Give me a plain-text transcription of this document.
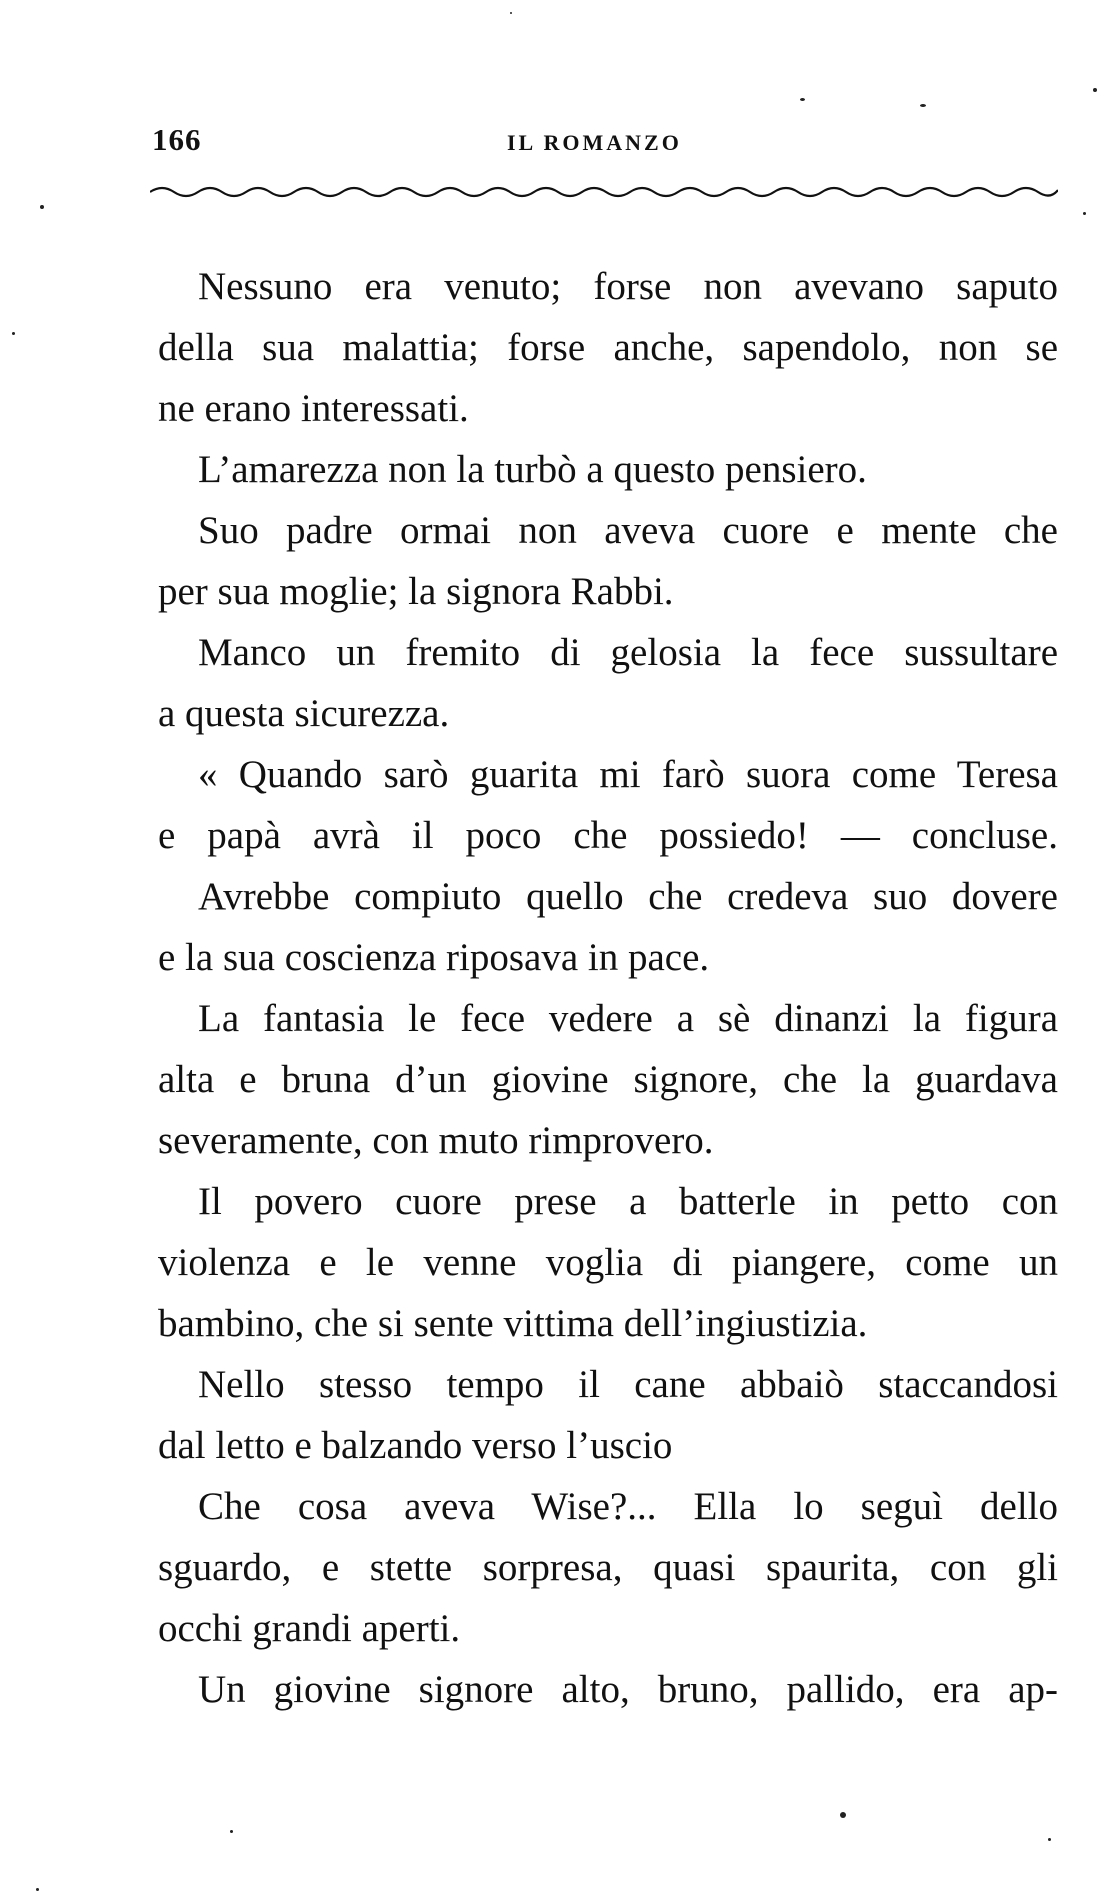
166	IL ROMANZO
Nessuno era venuto; forse non avevano saputo
della sua malattia; forse anche, sapendolo, non se
ne erano interessati.
L’amarezza non la turbò a questo pensiero.
Suo padre ormai non aveva cuore e mente che
per sua moglie; la signora Rabbi.
Manco un fremito di gelosia la fece sussultare
a questa sicurezza.
« Quando sarò guarita mi farò suora come Teresa
e papà avrà il poco che possiedo! — concluse.
Avrebbe compiuto quello che credeva suo dovere
e la sua coscienza riposava in pace.
La fantasia le fece vedere a sè dinanzi la figura
alta e bruna d’un giovine signore, che la guardava
severamente, con muto rimprovero.
Il povero cuore prese a batterle in petto con
violenza e le venne voglia di piangere, come un
bambino, che si sente vittima dell’ingiustizia.
Nello stesso tempo il cane abbaiò staccandosi
dal letto e balzando verso l’uscio
Che cosa aveva Wise?... Ella lo seguì dello
sguardo, e stette sorpresa, quasi spaurita, con gli
occhi grandi aperti.
Un giovine signore alto, bruno, pallido, era ap-
